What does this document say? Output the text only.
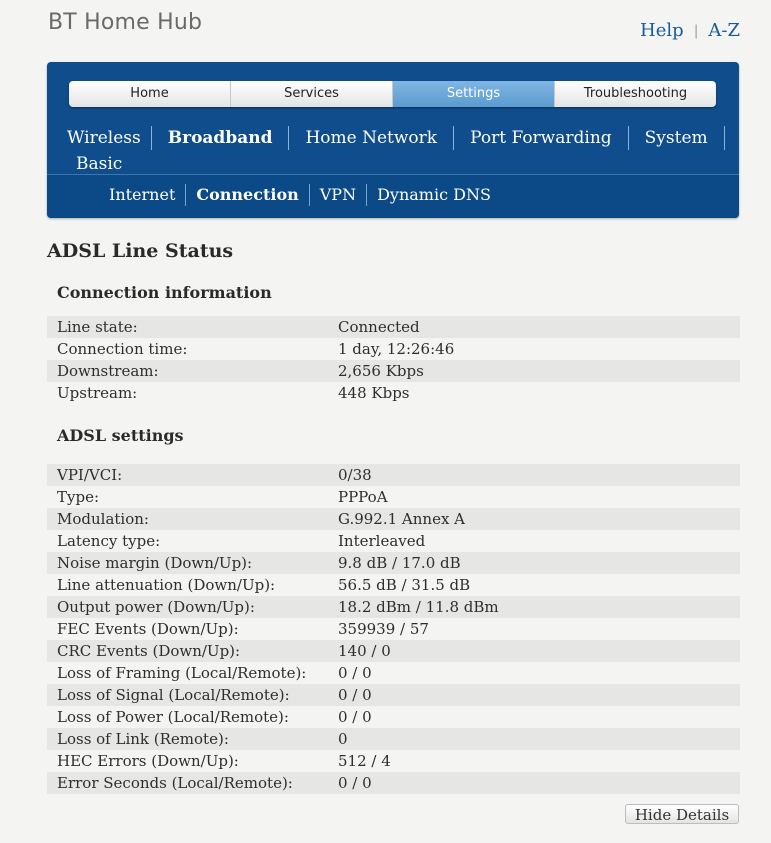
BT Home Hub	Help | A-Z
Home	Services	Settings	Troubleshooting
Wireless	Broadband	Home Network	Port Forwarding	System
Basic
Internet	Connection	VPN	Dynamic DNS
ADSL Line Status
Connection information
Line state:	Connected
Connection time:	1 day, 12:26:46
Downstream:	2,656 Kbps
Upstream:	448 Kbps
ADSL settings
VPI/VCI:	0/38
Type:	PPPoA
Modulation:	G.992.1 Annex A
Latency type:	Interleaved
Noise margin (Down/Up):	9.8 dB / 17.0 dB
Line attenuation (Down/Up):	56.5 dB / 31.5 dB
Output power (Down/Up):	18.2 dBm / 11.8 dBm
FEC Events (Down/Up):	359939 / 57
CRC Events (Down/Up):	140 / 0
Loss of Framing (Local/Remote):	0 / 0
Loss of Signal (Local/Remote):	0 / 0
Loss of Power (Local/Remote):	0 / 0
Loss of Link (Remote):	0
HEC Errors (Down/Up):	512 / 4
Error Seconds (Local/Remote):	0 / 0
Hide Details
